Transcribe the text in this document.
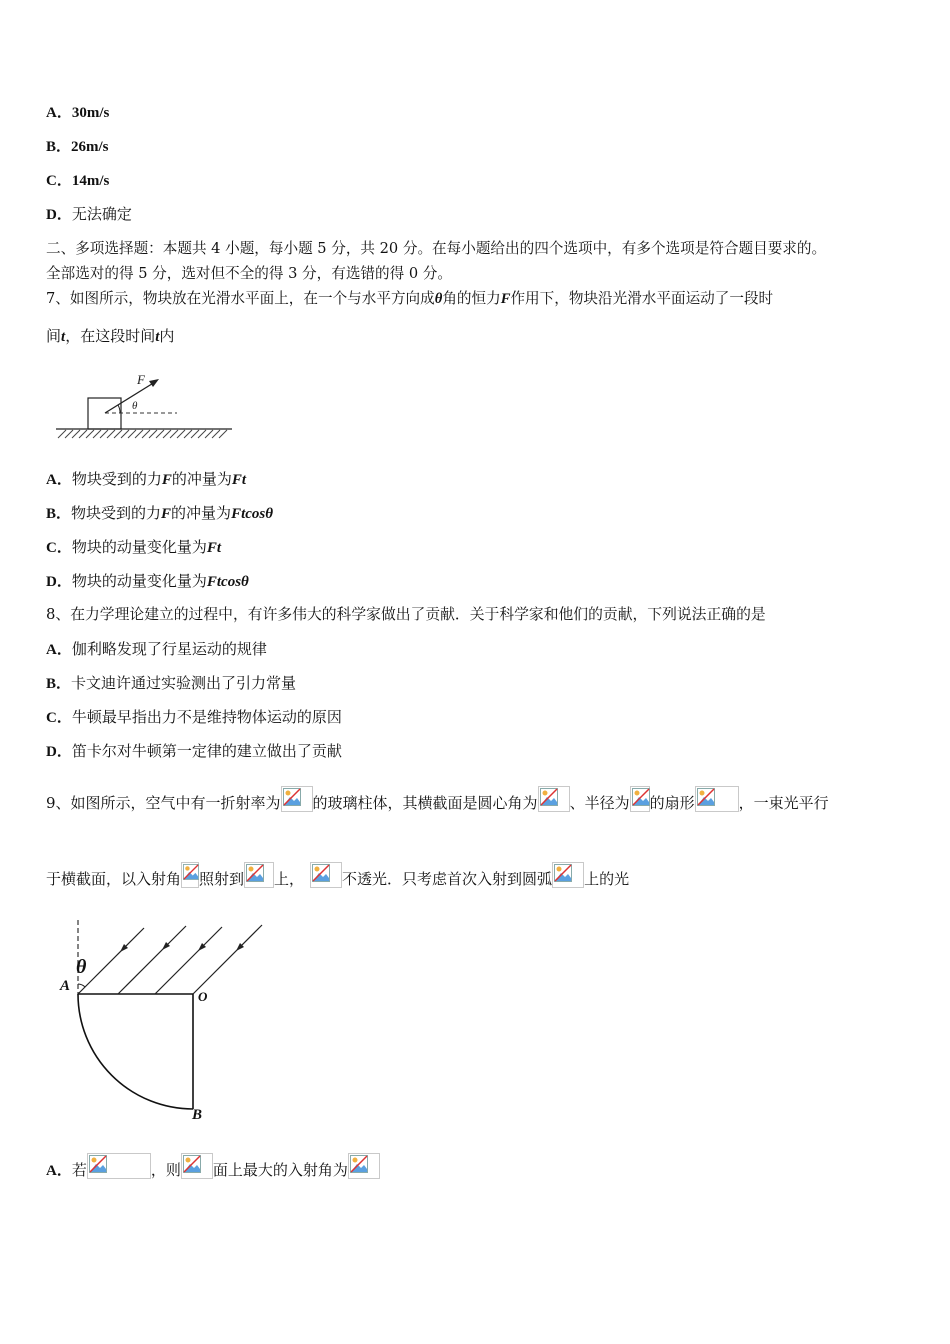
A．30m/s
B．26m/s
C．14m/s
D．无法确定
二、多项选择题：本题共 4 小题，每小题 5 分，共 20 分。在每小题给出的四个选项中，有多个选项是符合题目要求的。
全部选对的得 5 分，选对但不全的得 3 分，有选错的得 0 分。
7、如图所示，物块放在光滑水平面上，在一个与水平方向成θ角的恒力F作用下，物块沿光滑水平面运动了一段时
间t，在这段时间t内
F
θ
A．物块受到的力F的冲量为Ft
B．物块受到的力F的冲量为Ftcosθ
C．物块的动量变化量为Ft
D．物块的动量变化量为Ftcosθ
8、在力学理论建立的过程中，有许多伟大的科学家做出了贡献．关于科学家和他们的贡献，下列说法正确的是
A．伽利略发现了行星运动的规律
B．卡文迪许通过实验测出了引力常量
C．牛顿最早指出力不是维持物体运动的原因
D．笛卡尔对牛顿第一定律的建立做出了贡献
9、如图所示，空气中有一折射率为 的玻璃柱体，其横截面是圆心角为 、半径为 的扇形	，一束光平行
于横截面，以入射角 照射到 上，	不透光．只考虑首次入射到圆弧 上的光
θ
A
O
B
A．若	，则 面上最大的入射角为
